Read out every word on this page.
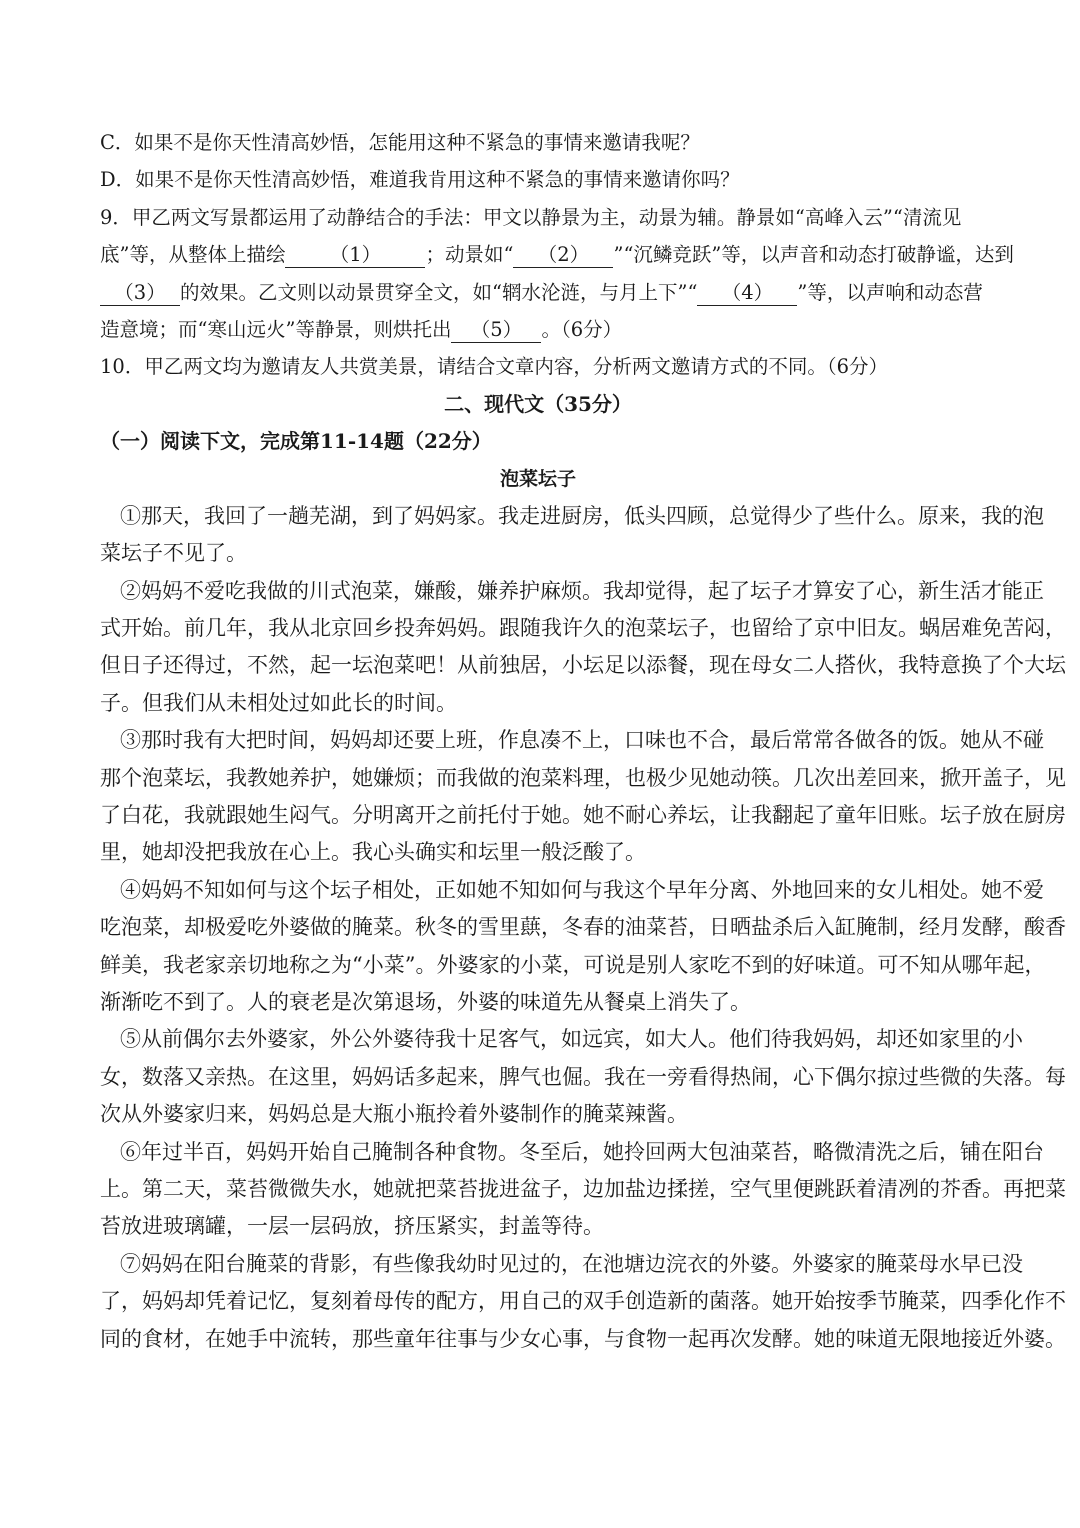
C．如果不是你天性清高妙悟，怎能用这种不紧急的事情来邀请我呢？
D．如果不是你天性清高妙悟，难道我肯用这种不紧急的事情来邀请你吗？
9．甲乙两文写景都运用了动静结合的手法：甲文以静景为主，动景为辅。静景如“高峰入云”“清流见
底”等，从整体上描绘 （1） ；动景如“ （2） ”“沉鳞竞跃”等，以声音和动态打破静谧，达到
（3） 的效果。乙文则以动景贯穿全文，如“辋水沦涟，与月上下”“ （4） ”等，以声响和动态营
造意境；而“寒山远火”等静景，则烘托出 （5） 。（6分）
10．甲乙两文均为邀请友人共赏美景，请结合文章内容，分析两文邀请方式的不同。（6分）
二、现代文（35分）
（一）阅读下文，完成第11-14题（22分）
泡菜坛子
①那天，我回了一趟芜湖，到了妈妈家。我走进厨房，低头四顾，总觉得少了些什么。原来，我的泡
菜坛子不见了。
②妈妈不爱吃我做的川式泡菜，嫌酸，嫌养护麻烦。我却觉得，起了坛子才算安了心，新生活才能正
式开始。前几年，我从北京回乡投奔妈妈。跟随我许久的泡菜坛子，也留给了京中旧友。蜗居难免苦闷，
但日子还得过，不然，起一坛泡菜吧！从前独居，小坛足以添餐，现在母女二人搭伙，我特意换了个大坛
子。但我们从未相处过如此长的时间。
③那时我有大把时间，妈妈却还要上班，作息凑不上，口味也不合，最后常常各做各的饭。她从不碰
那个泡菜坛，我教她养护，她嫌烦；而我做的泡菜料理，也极少见她动筷。几次出差回来，掀开盖子，见
了白花，我就跟她生闷气。分明离开之前托付于她。她不耐心养坛，让我翻起了童年旧账。坛子放在厨房
里，她却没把我放在心上。我心头确实和坛里一般泛酸了。
④妈妈不知如何与这个坛子相处，正如她不知如何与我这个早年分离、外地回来的女儿相处。她不爱
吃泡菜，却极爱吃外婆做的腌菜。秋冬的雪里蕻，冬春的油菜苔，日晒盐杀后入缸腌制，经月发酵，酸香
鲜美，我老家亲切地称之为“小菜”。外婆家的小菜，可说是别人家吃不到的好味道。可不知从哪年起，
渐渐吃不到了。人的衰老是次第退场，外婆的味道先从餐桌上消失了。
⑤从前偶尔去外婆家，外公外婆待我十足客气，如远宾，如大人。他们待我妈妈，却还如家里的小
女，数落又亲热。在这里，妈妈话多起来，脾气也倔。我在一旁看得热闹，心下偶尔掠过些微的失落。每
次从外婆家归来，妈妈总是大瓶小瓶拎着外婆制作的腌菜辣酱。
⑥年过半百，妈妈开始自己腌制各种食物。冬至后，她拎回两大包油菜苔，略微清洗之后，铺在阳台
上。第二天，菜苔微微失水，她就把菜苔拢进盆子，边加盐边揉搓，空气里便跳跃着清冽的芥香。再把菜
苔放进玻璃罐，一层一层码放，挤压紧实，封盖等待。
⑦妈妈在阳台腌菜的背影，有些像我幼时见过的，在池塘边浣衣的外婆。外婆家的腌菜母水早已没
了，妈妈却凭着记忆，复刻着母传的配方，用自己的双手创造新的菌落。她开始按季节腌菜，四季化作不
同的食材，在她手中流转，那些童年往事与少女心事，与食物一起再次发酵。她的味道无限地接近外婆。
